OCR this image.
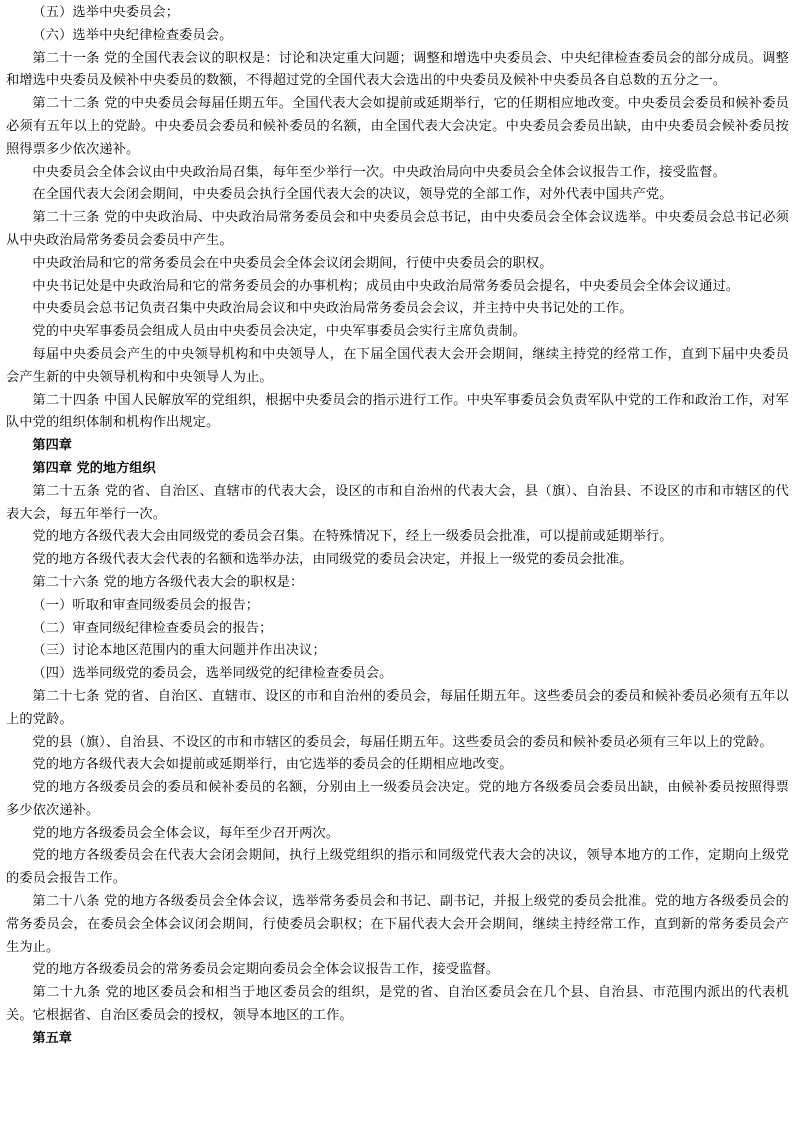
（五）选举中央委员会；

（六）选举中央纪律检查委员会。

第二十一条 党的全国代表会议的职权是：讨论和决定重大问题；调整和增选中央委员会、中央纪律检查委员会的部分成员。调整和增选中央委员及候补中央委员的数额，不得超过党的全国代表大会选出的中央委员及候补中央委员各自总数的五分之一。

第二十二条 党的中央委员会每届任期五年。全国代表大会如提前或延期举行，它的任期相应地改变。中央委员会委员和候补委员必须有五年以上的党龄。中央委员会委员和候补委员的名额，由全国代表大会决定。中央委员会委员出缺，由中央委员会候补委员按照得票多少依次递补。

中央委员会全体会议由中央政治局召集，每年至少举行一次。中央政治局向中央委员会全体会议报告工作，接受监督。

在全国代表大会闭会期间，中央委员会执行全国代表大会的决议，领导党的全部工作，对外代表中国共产党。

第二十三条 党的中央政治局、中央政治局常务委员会和中央委员会总书记，由中央委员会全体会议选举。中央委员会总书记必须从中央政治局常务委员会委员中产生。

中央政治局和它的常务委员会在中央委员会全体会议闭会期间，行使中央委员会的职权。

中央书记处是中央政治局和它的常务委员会的办事机构；成员由中央政治局常务委员会提名，中央委员会全体会议通过。

中央委员会总书记负责召集中央政治局会议和中央政治局常务委员会会议，并主持中央书记处的工作。

党的中央军事委员会组成人员由中央委员会决定，中央军事委员会实行主席负责制。

每届中央委员会产生的中央领导机构和中央领导人，在下届全国代表大会开会期间，继续主持党的经常工作，直到下届中央委员会产生新的中央领导机构和中央领导人为止。

第二十四条 中国人民解放军的党组织，根据中央委员会的指示进行工作。中央军事委员会负责军队中党的工作和政治工作，对军队中党的组织体制和机构作出规定。

第四章

第四章 党的地方组织

第二十五条 党的省、自治区、直辖市的代表大会，设区的市和自治州的代表大会，县（旗）、自治县、不设区的市和市辖区的代表大会，每五年举行一次。

党的地方各级代表大会由同级党的委员会召集。在特殊情况下，经上一级委员会批准，可以提前或延期举行。

党的地方各级代表大会代表的名额和选举办法，由同级党的委员会决定，并报上一级党的委员会批准。

第二十六条 党的地方各级代表大会的职权是：

（一）听取和审查同级委员会的报告；

（二）审查同级纪律检查委员会的报告；

（三）讨论本地区范围内的重大问题并作出决议；

（四）选举同级党的委员会，选举同级党的纪律检查委员会。

第二十七条 党的省、自治区、直辖市、设区的市和自治州的委员会，每届任期五年。这些委员会的委员和候补委员必须有五年以上的党龄。

党的县（旗）、自治县、不设区的市和市辖区的委员会，每届任期五年。这些委员会的委员和候补委员必须有三年以上的党龄。

党的地方各级代表大会如提前或延期举行，由它选举的委员会的任期相应地改变。

党的地方各级委员会的委员和候补委员的名额，分别由上一级委员会决定。党的地方各级委员会委员出缺，由候补委员按照得票多少依次递补。

党的地方各级委员会全体会议，每年至少召开两次。

党的地方各级委员会在代表大会闭会期间，执行上级党组织的指示和同级党代表大会的决议，领导本地方的工作，定期向上级党的委员会报告工作。

第二十八条 党的地方各级委员会全体会议，选举常务委员会和书记、副书记，并报上级党的委员会批准。党的地方各级委员会的常务委员会，在委员会全体会议闭会期间，行使委员会职权；在下届代表大会开会期间，继续主持经常工作，直到新的常务委员会产生为止。

党的地方各级委员会的常务委员会定期向委员会全体会议报告工作，接受监督。

第二十九条 党的地区委员会和相当于地区委员会的组织，是党的省、自治区委员会在几个县、自治县、市范围内派出的代表机关。它根据省、自治区委员会的授权，领导本地区的工作。

第五章
